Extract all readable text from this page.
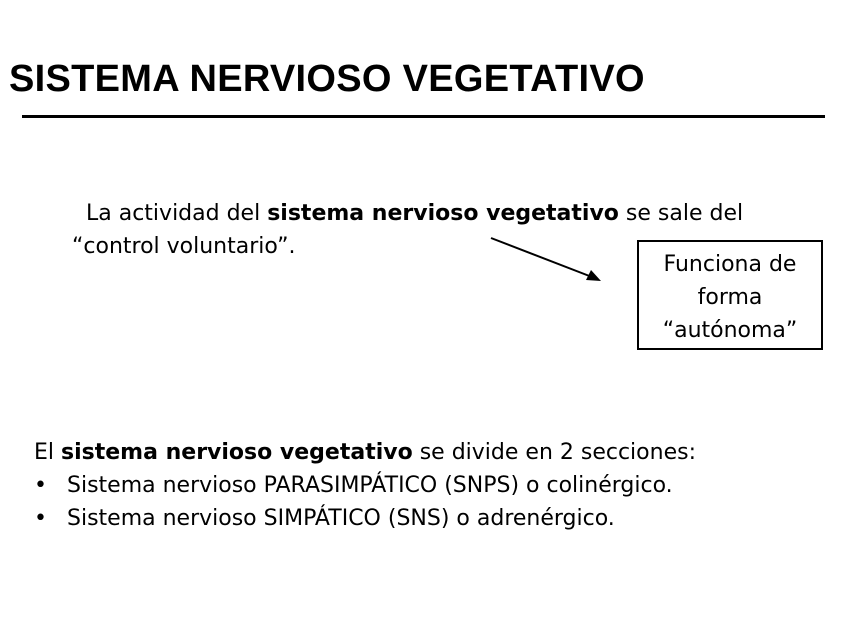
SISTEMA NERVIOSO VEGETATIVO

La actividad del sistema nervioso vegetativo se sale del “control voluntario”.

Funciona de
forma
“autónoma”

El sistema nervioso vegetativo se divide en 2 secciones:

• Sistema nervioso PARASIMPÁTICO (SNPS) o colinérgico.
• Sistema nervioso SIMPÁTICO (SNS) o adrenérgico.
